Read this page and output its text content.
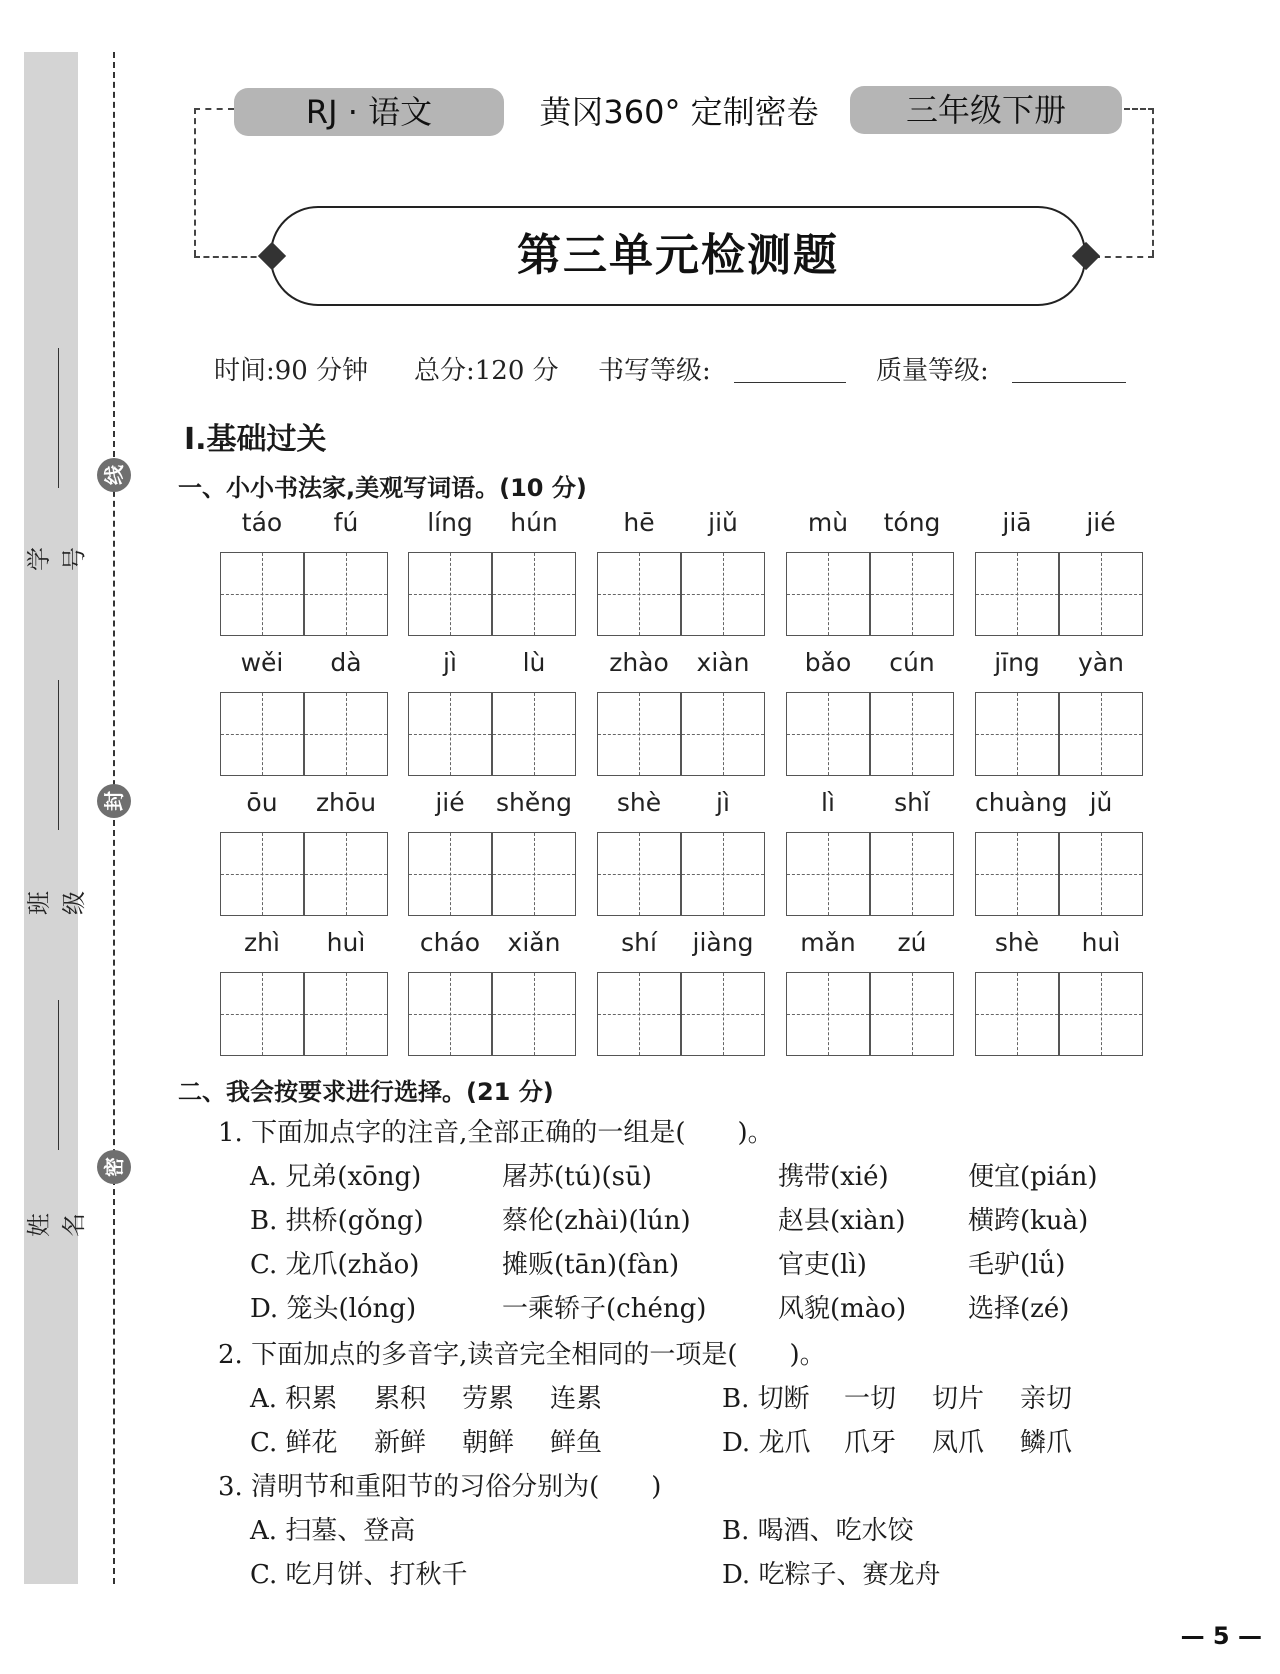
线
封
密
学号
班级
姓名
RJ · 语文	黄冈360° 定制密卷	三年级下册
第三单元检测题
时间:90 分钟 总分:120 分 书写等级:	质量等级:
Ⅰ.基础过关
一、小小书法家,美观写词语。(10 分)
táo	fú	líng	hún	hē	jiǔ	mù	tóng	jiā	jié
wěi	dà	jì	lù	zhào	xiàn	bǎo	cún	jīng	yàn
ōu	zhōu	jié	shěng	shè	jì	lì	shǐ	chuàng jǔ
zhì	huì	cháo	xiǎn	shí	jiàng	mǎn	zú	shè	huì
二、我会按要求进行选择。(21 分)
1. 下面加点字的注音,全部正确的一组是(　　)。
A. 兄弟(xōng)	屠苏(tú)(sū)	携带(xié)	便宜(pián)
B. 拱桥(gǒng)	蔡伦(zhài)(lún)	赵县(xiàn) 横跨(kuà)
C. 龙爪(zhǎo)	摊贩(tān)(fàn)	官吏(lì)	毛驴(lǘ)
D. 笼头(lóng)	一乘轿子(chéng)	风貌(mào) 选择(zé)
2. 下面加点的多音字,读音完全相同的一项是(　　)。
A. 积累 累积 劳累 连累	B. 切断 一切 切片 亲切
C. 鲜花 新鲜 朝鲜 鲜鱼	D. 龙爪 爪牙 凤爪 鳞爪
3. 清明节和重阳节的习俗分别为(　　)
A. 扫墓、登高	B. 喝酒、吃水饺
C. 吃月饼、打秋千	D. 吃粽子、赛龙舟
— 5 —
